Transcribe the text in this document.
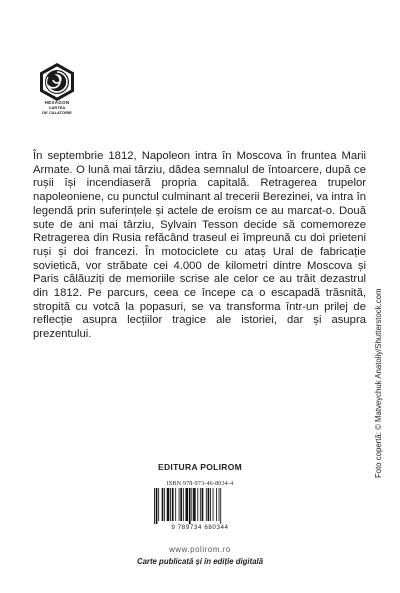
HEXAGON
CARTEA
DE CALATORIE

În septembrie 1812, Napoleon intra în Moscova în fruntea Marii Armate. O lună mai târziu, dădea semnalul de întoarcere, după ce rușii își incendiaseră propria capitală. Retragerea trupelor napoleoniene, cu punctul culminant al trecerii Berezinei, va intra în legendă prin suferințele și actele de eroism ce au marcat-o. Două sute de ani mai târziu, Sylvain Tesson decide să comemoreze Retragerea din Rusia refăcând traseul ei împreună cu doi prieteni ruși și doi francezi. În motociclete cu ataș Ural de fabricație sovietică, vor străbate cei 4.000 de kilometri dintre Moscova și Paris călăuziți de memoriile scrise ale celor ce au trăit dezastrul din 1812. Pe parcurs, ceea ce începe ca o escapadă trăsnită, stropită cu votcă la popasuri, se va transforma într-un prilej de reflecție asupra lecțiilor tragice ale istoriei, dar și asupra prezentului.	Foto copertă: © Matveychuk Anatoliy/Shutterstock.com
EDITURA POLIROM
ISBN 978-973-46-8034-4
9 789734 680344
www.polirom.ro
Carte publicată și în ediție digitală
